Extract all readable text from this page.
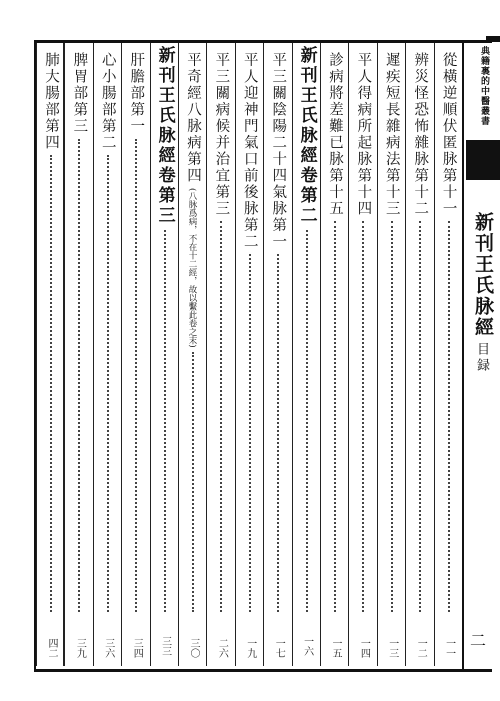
典籍裏的中醫叢書
新刊王氏脉經
目録
二
從橫逆順伏匿脉第十一
一一
辨災怪恐怖雜脉第十二
一二
遲疾短長雜病法第十三
一三
平人得病所起脉第十四
一四
診病將差難已脉第十五
一五
新刊王氏脉經卷第二
一六
平三關陰陽二十四氣脉第一
一七
平人迎神門氣口前後脉第二
一九
平三關病候并治宜第三
二六
平奇經八脉病第四
(八脉爲病，不在十二經，故以繫此卷之末)
三〇
新刊王氏脉經卷第三
三三
肝膽部第一
三四
心小腸部第二
三六
脾胃部第三
三九
肺大腸部第四
四二
